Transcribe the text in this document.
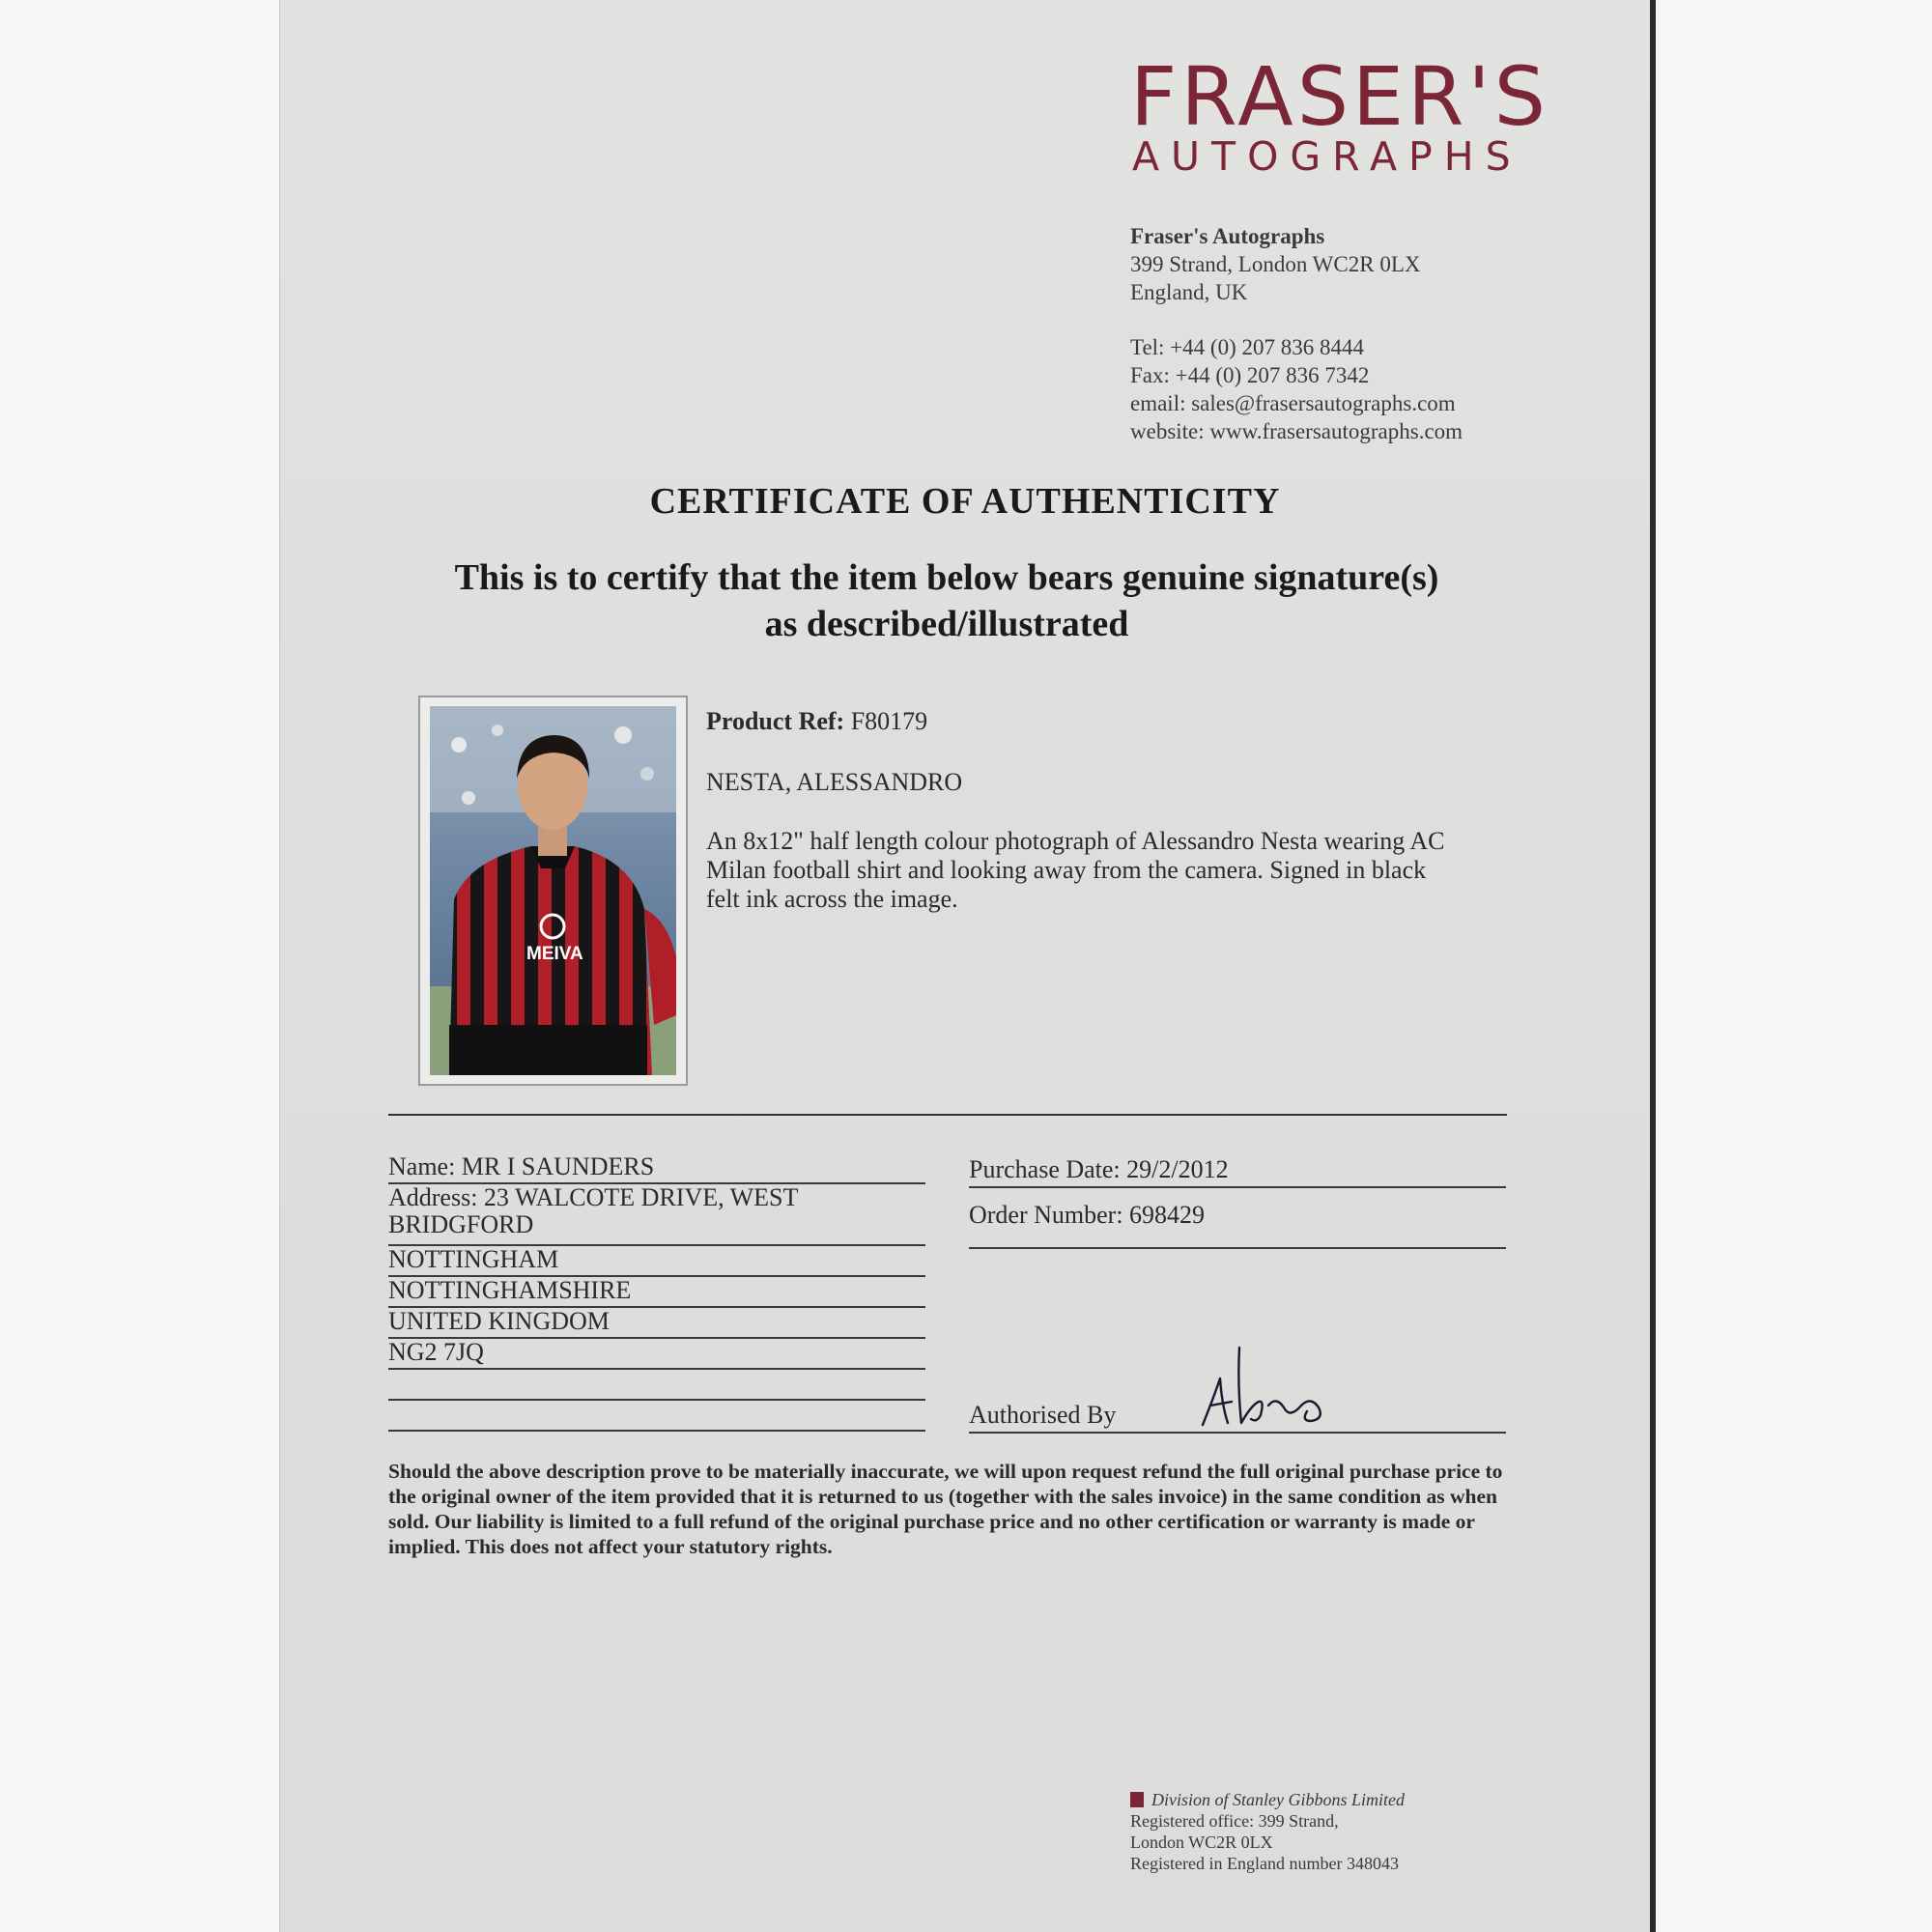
FRASER'S
AUTOGRAPHS
Fraser's Autographs
399 Strand, London WC2R 0LX
England, UK
Tel: +44 (0) 207 836 8444
Fax: +44 (0) 207 836 7342
email: sales@frasersautographs.com
website: www.frasersautographs.com
CERTIFICATE OF AUTHENTICITY
This is to certify that the item below bears genuine signature(s)
as described/illustrated
MEIVA
Product Ref: F80179
NESTA, ALESSANDRO
An 8x12" half length colour photograph of Alessandro Nesta wearing AC Milan football shirt and looking away from the camera. Signed in black felt ink across the image.
Name: MR I SAUNDERS
Address: 23 WALCOTE DRIVE, WEST
BRIDGFORD
NOTTINGHAM
NOTTINGHAMSHIRE
UNITED KINGDOM
NG2 7JQ
Purchase Date: 29/2/2012
Order Number: 698429
Authorised By
Should the above description prove to be materially inaccurate, we will upon request refund the full original purchase price to the original owner of the item provided that it is returned to us (together with the sales invoice) in the same condition as when sold. Our liability is limited to a full refund of the original purchase price and no other certification or warranty is made or implied. This does not affect your statutory rights.
Division of Stanley Gibbons Limited
Registered office: 399 Strand,
London WC2R 0LX
Registered in England number 348043
